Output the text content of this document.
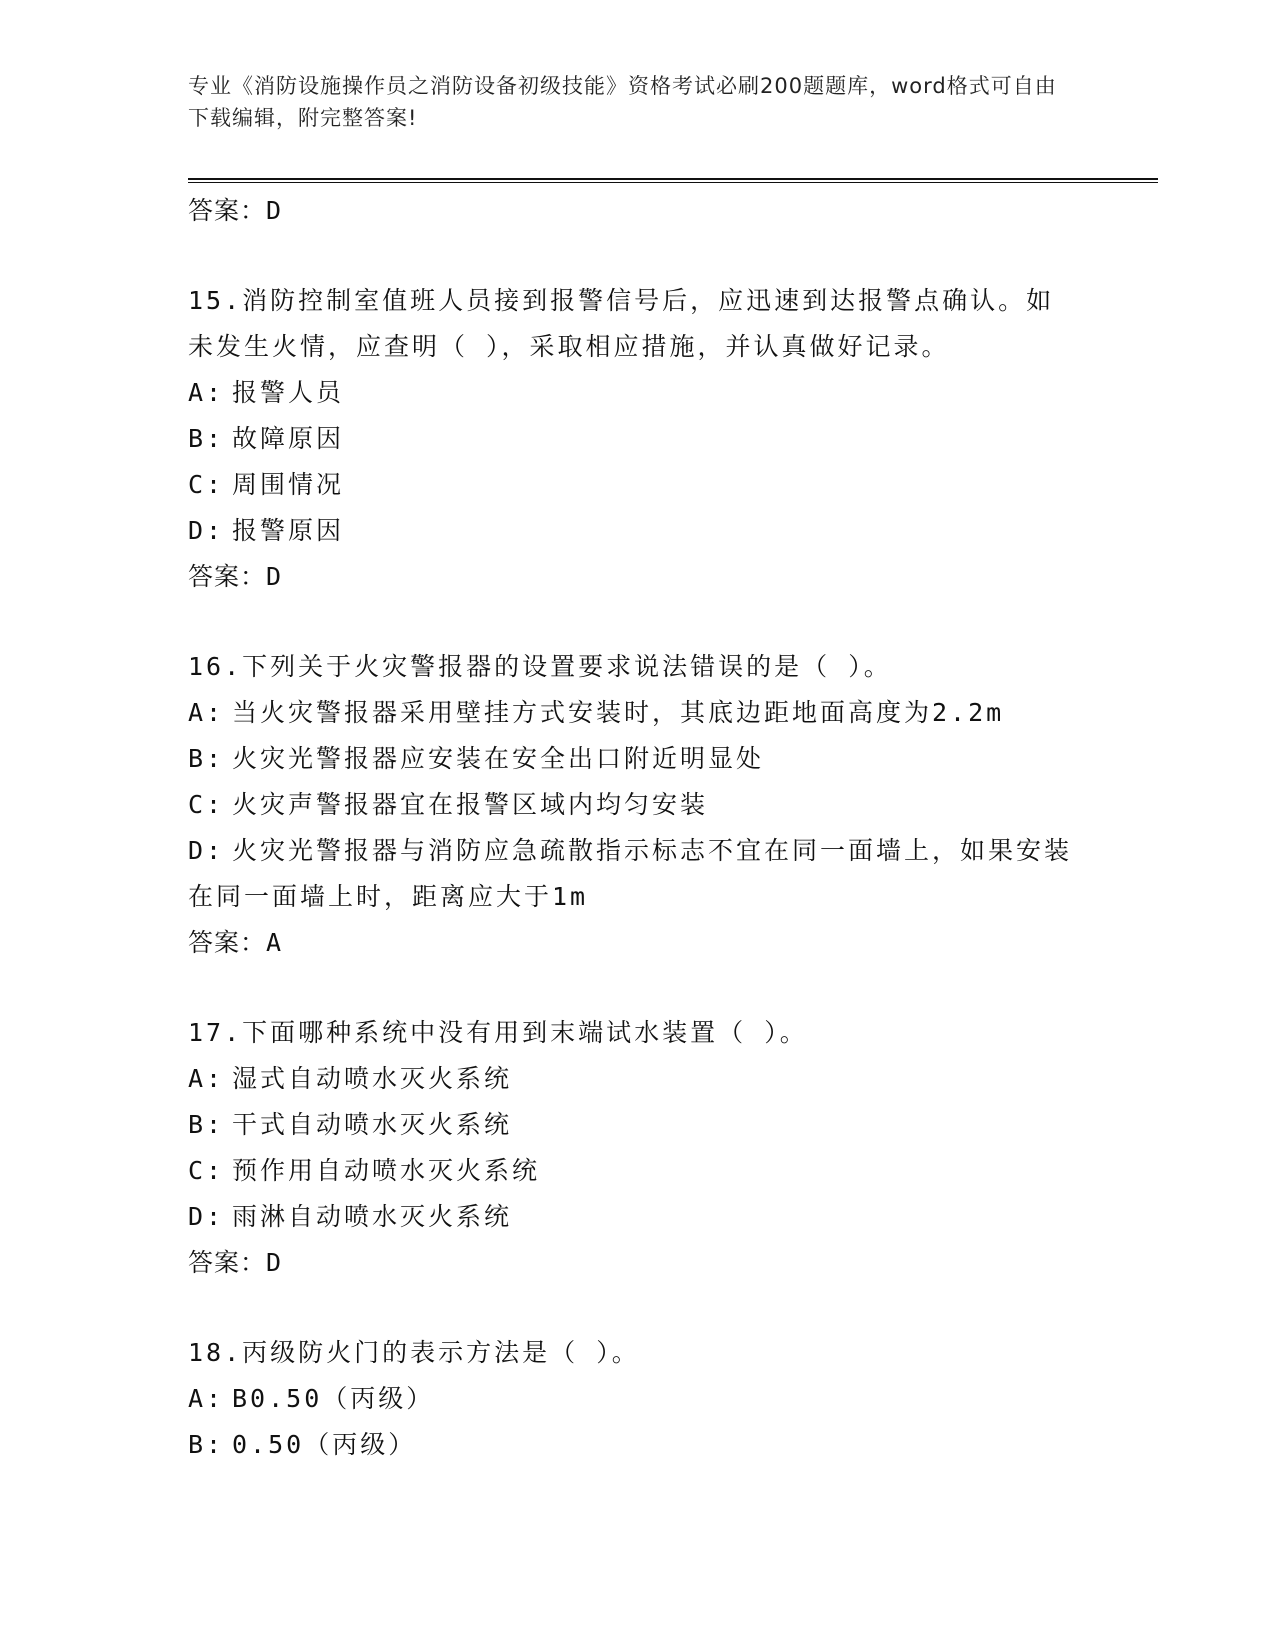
专业《消防设施操作员之消防设备初级技能》资格考试必刷200题题库，word格式可自由下载编辑，附完整答案!
答案：D
15.消防控制室值班人员接到报警信号后，应迅速到达报警点确认。如未发生火情，应查明（ ），采取相应措施，并认真做好记录。
A: 报警人员
B: 故障原因
C: 周围情况
D: 报警原因
答案：D
16.下列关于火灾警报器的设置要求说法错误的是（ ）。
A: 当火灾警报器采用壁挂方式安装时，其底边距地面高度为2.2m
B: 火灾光警报器应安装在安全出口附近明显处
C: 火灾声警报器宜在报警区域内均匀安装
D: 火灾光警报器与消防应急疏散指示标志不宜在同一面墙上，如果安装在同一面墙上时，距离应大于1m
答案：A
17.下面哪种系统中没有用到末端试水装置（ ）。
A: 湿式自动喷水灭火系统
B: 干式自动喷水灭火系统
C: 预作用自动喷水灭火系统
D: 雨淋自动喷水灭火系统
答案：D
18.丙级防火门的表示方法是（ ）。
A: B0.50（丙级）
B: 0.50（丙级）
